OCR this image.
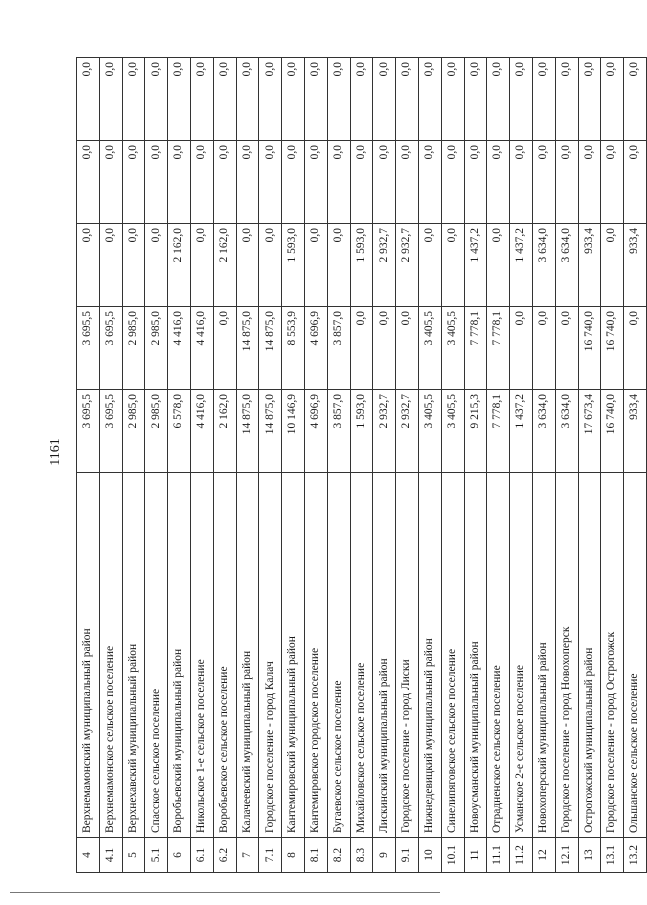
1161
4	Верхнемамонский муниципальный район	3 695,5	3 695,5	0,0	0,0	0,0
4.1	Верхнемамонское сельское поселение	3 695,5	3 695,5	0,0	0,0	0,0
5	Верхнехавский муниципальный район	2 985,0	2 985,0	0,0	0,0	0,0
5.1	Спасское сельское поселение	2 985,0	2 985,0	0,0	0,0	0,0
6	Воробьевский муниципальный район	6 578,0	4 416,0	2 162,0	0,0	0,0
6.1	Никольское 1-е сельское поселение	4 416,0	4 416,0	0,0	0,0	0,0
6.2	Воробьевское сельское поселение	2 162,0	0,0	2 162,0	0,0	0,0
7	Калачеевский муниципальный район	14 875,0	14 875,0	0,0	0,0	0,0
7.1	Городское поселение - город Калач	14 875,0	14 875,0	0,0	0,0	0,0
8	Кантемировский муниципальный район	10 146,9	8 553,9	1 593,0	0,0	0,0
8.1	Кантемировское городское поселение	4 696,9	4 696,9	0,0	0,0	0,0
8.2	Бугаевское сельское поселение	3 857,0	3 857,0	0,0	0,0	0,0
8.3	Михайловское сельское поселение	1 593,0	0,0	1 593,0	0,0	0,0
9	Лискинский муниципальный район	2 932,7	0,0	2 932,7	0,0	0,0
9.1	Городское поселение - город Лиски	2 932,7	0,0	2 932,7	0,0	0,0
10	Нижнедевицкий муниципальный район	3 405,5	3 405,5	0,0	0,0	0,0
10.1	Синелипяговское сельское поселение	3 405,5	3 405,5	0,0	0,0	0,0
11	Новоусманский муниципальный район	9 215,3	7 778,1	1 437,2	0,0	0,0
11.1	Отрадненское сельское поселение	7 778,1	7 778,1	0,0	0,0	0,0
11.2	Усманское 2-е сельское поселение	1 437,2	0,0	1 437,2	0,0	0,0
12	Новохоперский муниципальный район	3 634,0	0,0	3 634,0	0,0	0,0
12.1	Городское поселение - город Новохоперск	3 634,0	0,0	3 634,0	0,0	0,0
13	Острогожский муниципальный район	17 673,4	16 740,0	933,4	0,0	0,0
13.1	Городское поселение - город Острогожск	16 740,0	16 740,0	0,0	0,0	0,0
13.2	Ольшанское сельское поселение	933,4	0,0	933,4	0,0	0,0
